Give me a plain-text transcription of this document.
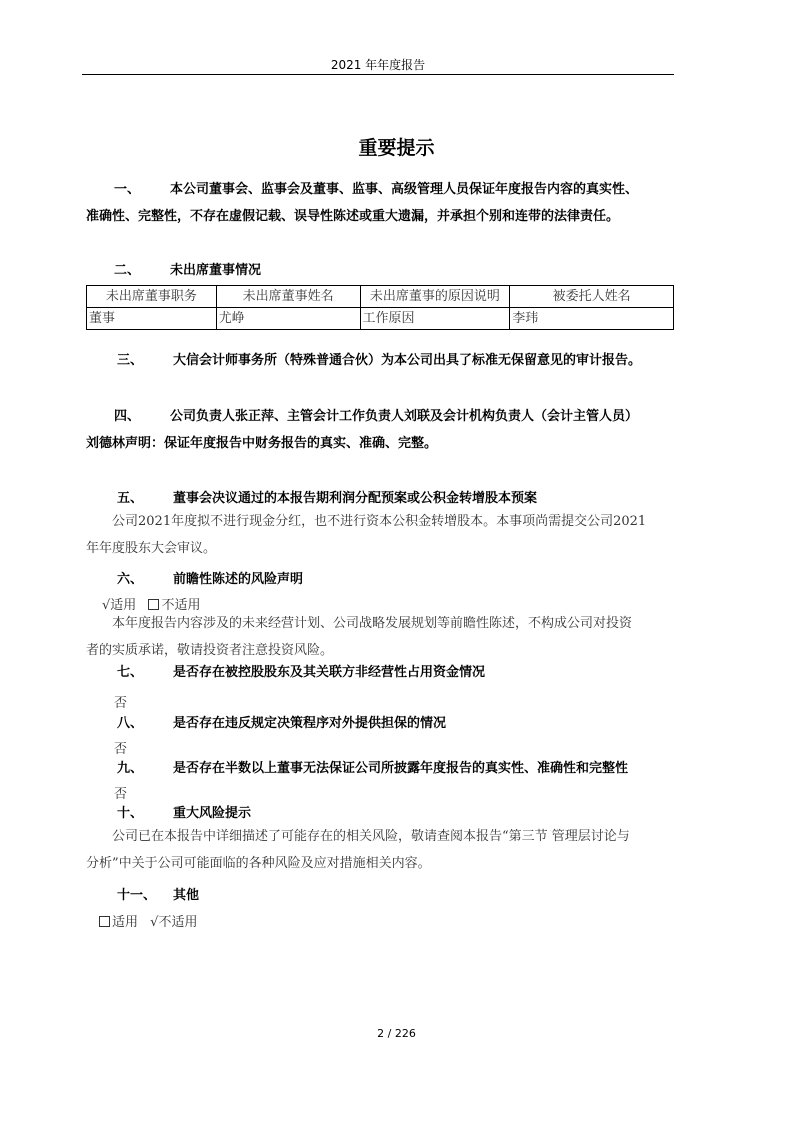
2021 年年度报告
重要提示
一、 本公司董事会、监事会及董事、监事、高级管理人员保证年度报告内容的真实性、
准确性、完整性，不存在虚假记载、误导性陈述或重大遗漏，并承担个别和连带的法律责任。
二、 未出席董事情况
未出席董事职务	未出席董事姓名	未出席董事的原因说明	被委托人姓名
董事	尤峥	工作原因	李玮
三、 大信会计师事务所（特殊普通合伙）为本公司出具了标准无保留意见的审计报告。
四、 公司负责人张正萍、主管会计工作负责人刘联及会计机构负责人（会计主管人员）
刘德林声明：保证年度报告中财务报告的真实、准确、完整。
五、 董事会决议通过的本报告期利润分配预案或公积金转增股本预案
公司2021年度拟不进行现金分红，也不进行资本公积金转增股本。本事项尚需提交公司2021
年年度股东大会审议。
六、 前瞻性陈述的风险声明
√适用 不适用
本年度报告内容涉及的未来经营计划、公司战略发展规划等前瞻性陈述，不构成公司对投资
者的实质承诺，敬请投资者注意投资风险。
七、 是否存在被控股股东及其关联方非经营性占用资金情况
否
八、 是否存在违反规定决策程序对外提供担保的情况
否
九、 是否存在半数以上董事无法保证公司所披露年度报告的真实性、准确性和完整性
否
十、 重大风险提示
公司已在本报告中详细描述了可能存在的相关风险，敬请查阅本报告“第三节 管理层讨论与
分析”中关于公司可能面临的各种风险及应对措施相关内容。
十一、 其他
适用 √不适用
2 / 226
